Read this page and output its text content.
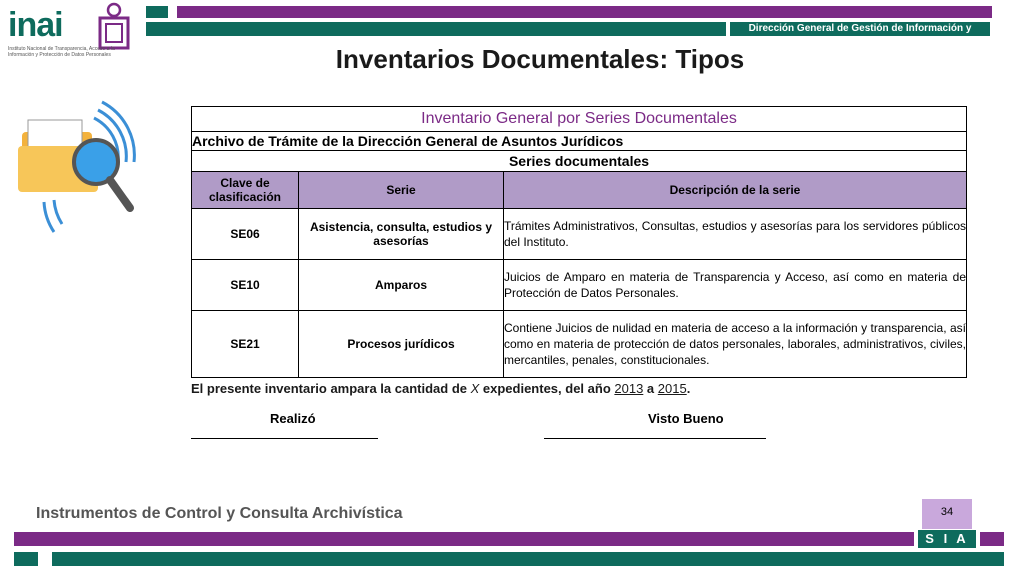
Dirección General de Gestión de Información y Estudios
inai
Instituto Nacional de Transparencia, Acceso a la Información y Protección de Datos Personales	Inventarios Documentales: Tipos
Inventario General por Series Documentales		
Archivo de Trámite de la Dirección General de Asuntos Jurídicos		
Series documentales		
Clave de clasificación	Serie	Descripción de la serie
SE06	Asistencia, consulta, estudios y asesorías	Trámites Administrativos, Consultas, estudios y asesorías para los servidores públicos del Instituto.
SE10	Amparos	Juicios de Amparo en materia de Transparencia y Acceso, así como en materia de Protección de Datos Personales.
SE21	Procesos jurídicos	Contiene Juicios de nulidad en materia de acceso a la información y transparencia, así como en materia de protección de datos personales, laborales, administrativos, civiles, mercantiles, penales, constitucionales.
El presente inventario ampara la cantidad de X expedientes, del año 2013 a 2015.
Realizó	Visto Bueno
Instrumentos de Control y Consulta Archivística	34
S I A
